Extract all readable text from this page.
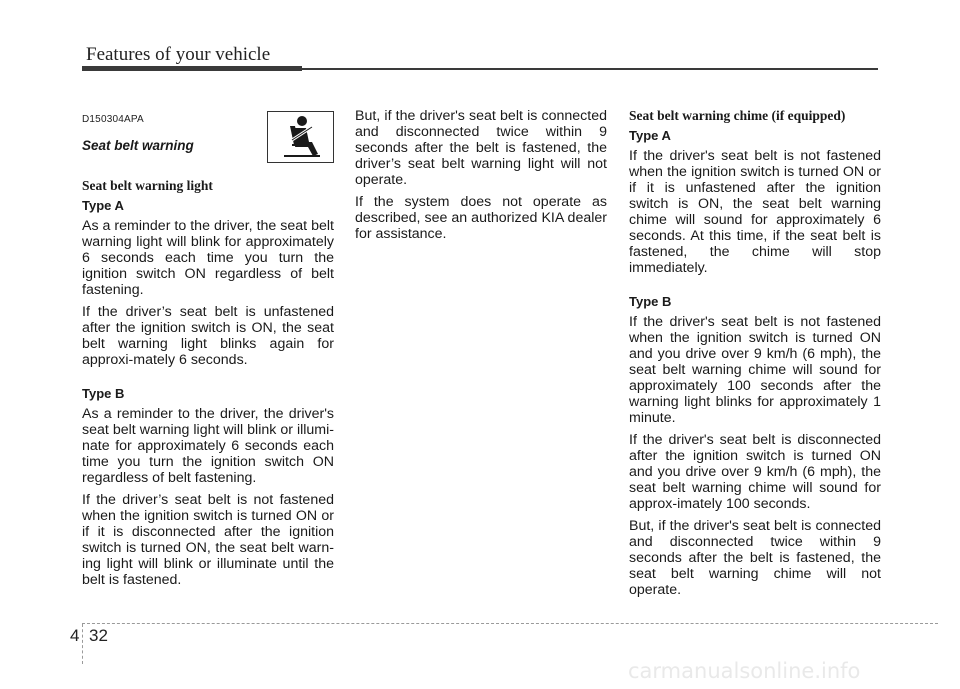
Features of your vehicle
D150304APA
Seat belt warning
Seat belt warning light
Type A

As a reminder to the driver, the seat belt warning light will blink for approximately 6 seconds each time you turn the ignition switch ON regardless of belt fastening.

If the driver’s seat belt is unfastened after the ignition switch is ON, the seat belt warning light blinks again for approxi-mately 6 seconds.

Type B

As a reminder to the driver, the driver's seat belt warning light will blink or illumi-nate for approximately 6 seconds each time you turn the ignition switch ON regardless of belt fastening.

If the driver’s seat belt is not fastened when the ignition switch is turned ON or if it is disconnected after the ignition switch is turned ON, the seat belt warn-ing light will blink or illuminate until the belt is fastened.

But, if the driver's seat belt is connected and disconnected twice within 9 seconds after the belt is fastened, the driver’s seat belt warning light will not operate.

If the system does not operate as described, see an authorized KIA dealer for assistance.

Seat belt warning chime (if equipped)
Type A

If the driver's seat belt is not fastened when the ignition switch is turned ON or if it is unfastened after the ignition switch is ON, the seat belt warning chime will sound for approximately 6 seconds. At this time, if the seat belt is fastened, the chime will stop immediately.

Type B

If the driver's seat belt is not fastened when the ignition switch is turned ON and you drive over 9 km/h (6 mph), the seat belt warning chime will sound for approximately 100 seconds after the warning light blinks for approximately 1 minute.

If the driver's seat belt is disconnected after the ignition switch is turned ON and you drive over 9 km/h (6 mph), the seat belt warning chime will sound for approx-imately 100 seconds.

But, if the driver's seat belt is connected and disconnected twice within 9 seconds after the belt is fastened, the seat belt warning chime will not operate.

4 32
carmanualsonline.info
